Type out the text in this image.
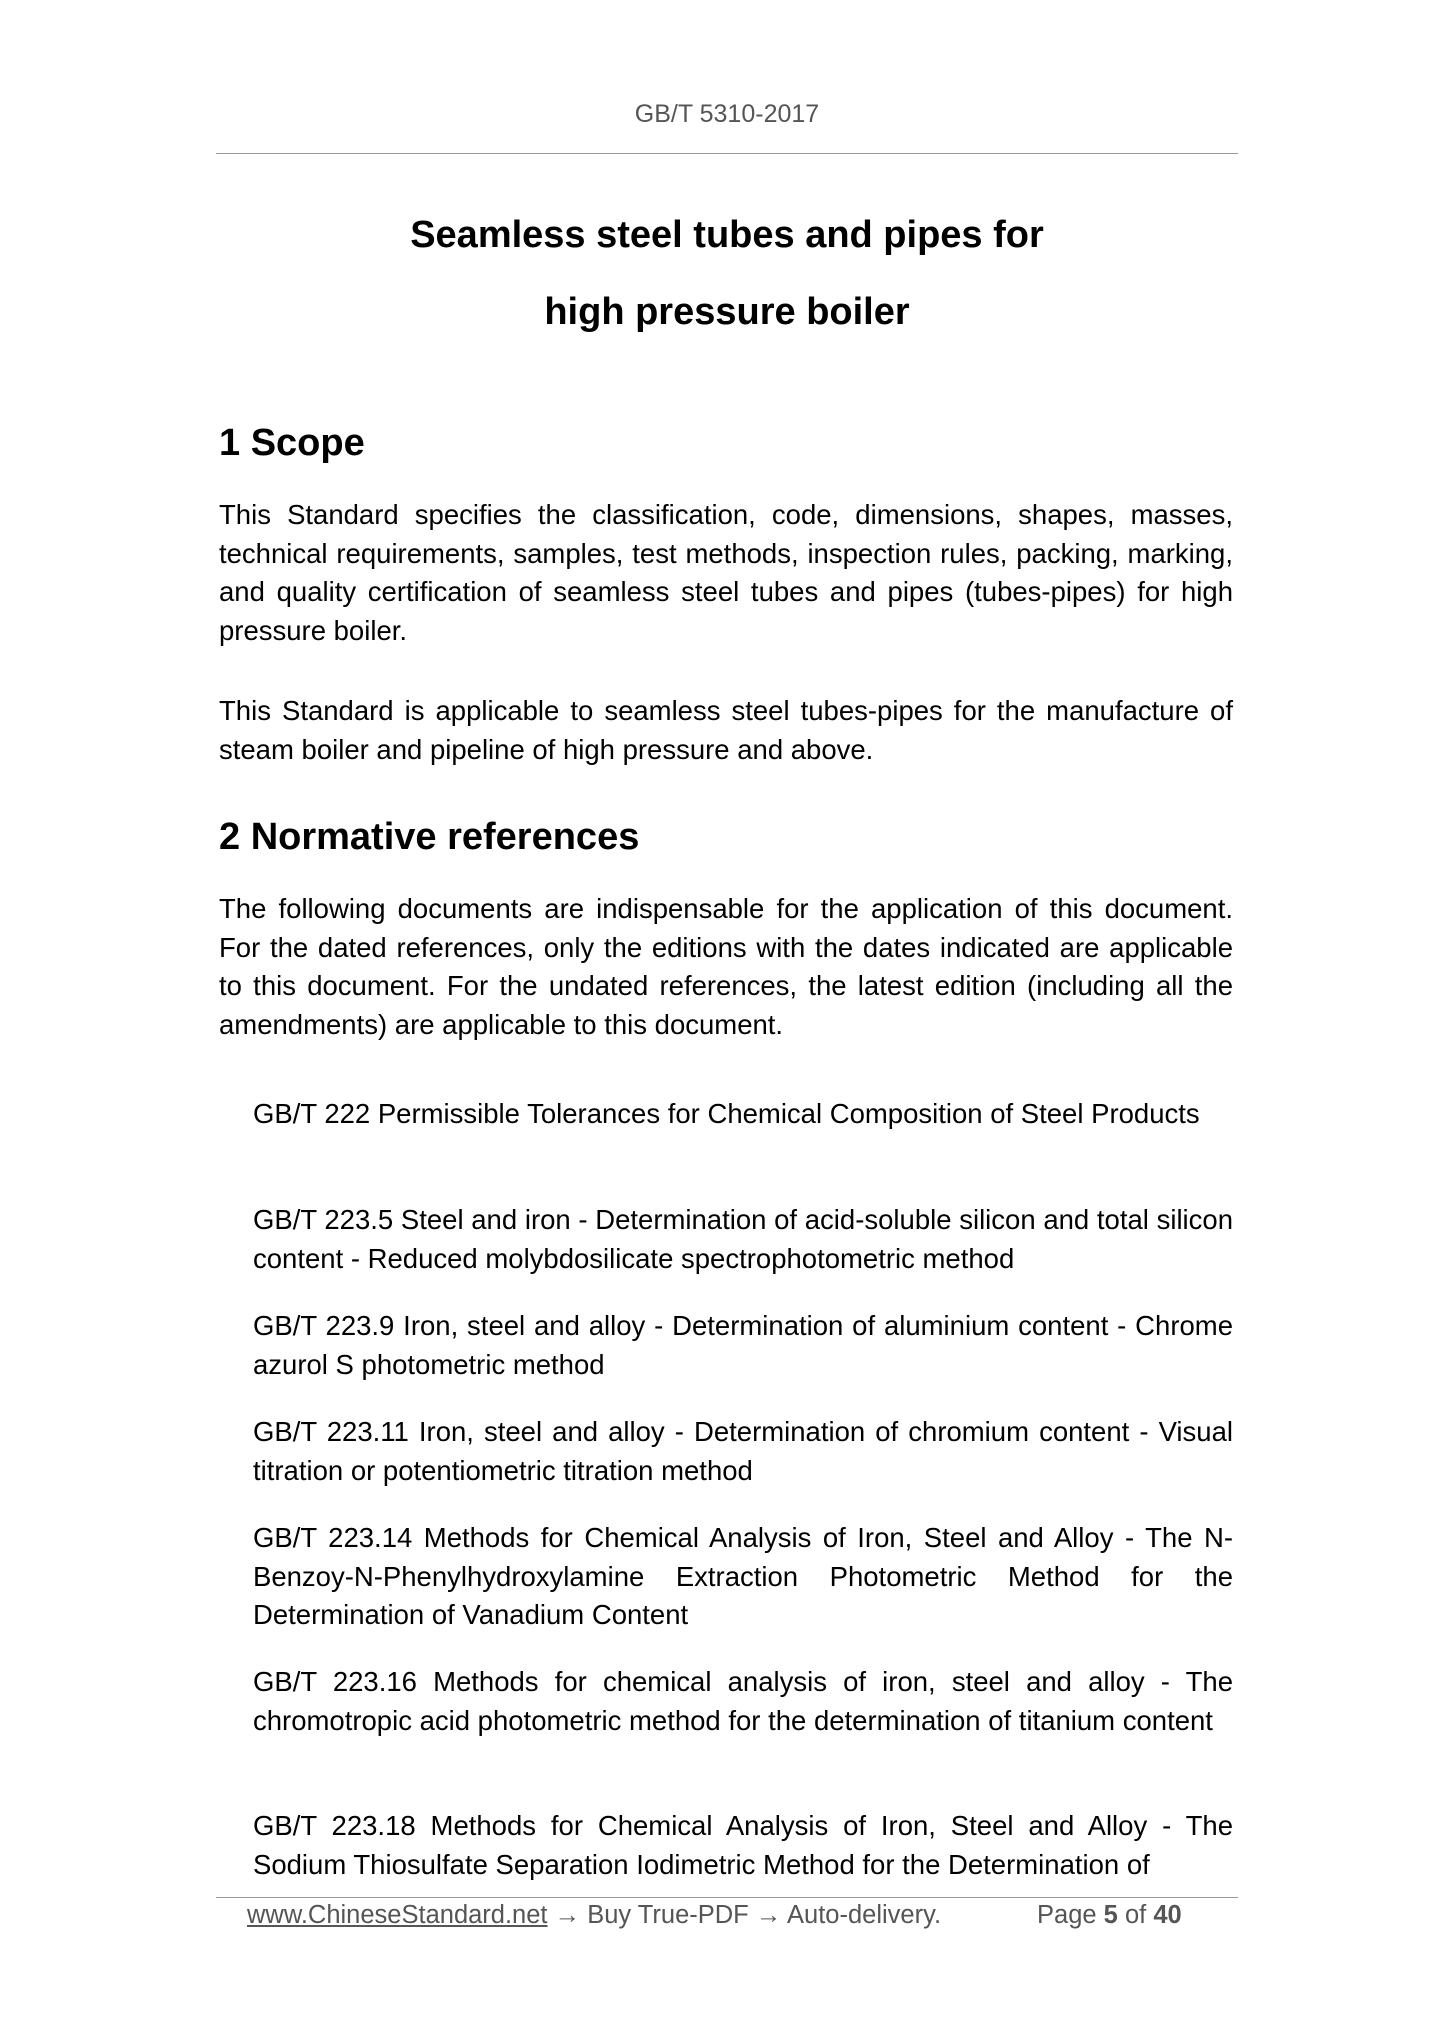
GB/T 5310-2017
Seamless steel tubes and pipes for
high pressure boiler
1 Scope
This Standard specifies the classification, code, dimensions, shapes, masses, technical requirements, samples, test methods, inspection rules, packing, marking, and quality certification of seamless steel tubes and pipes (tubes-pipes) for high pressure boiler.
This Standard is applicable to seamless steel tubes-pipes for the manufacture of steam boiler and pipeline of high pressure and above.
2 Normative references
The following documents are indispensable for the application of this document. For the dated references, only the editions with the dates indicated are applicable to this document. For the undated references, the latest edition (including all the amendments) are applicable to this document.
GB/T 222 Permissible Tolerances for Chemical Composition of Steel Products
GB/T 223.5 Steel and iron - Determination of acid-soluble silicon and total silicon content - Reduced molybdosilicate spectrophotometric method
GB/T 223.9 Iron, steel and alloy - Determination of aluminium content - Chrome azurol S photometric method
GB/T 223.11 Iron, steel and alloy - Determination of chromium content - Visual titration or potentiometric titration method
GB/T 223.14 Methods for Chemical Analysis of Iron, Steel and Alloy - The N-Benzoy-N-Phenylhydroxylamine Extraction Photometric Method for the Determination of Vanadium Content
GB/T 223.16 Methods for chemical analysis of iron, steel and alloy - The chromotropic acid photometric method for the determination of titanium content
GB/T 223.18 Methods for Chemical Analysis of Iron, Steel and Alloy - The Sodium Thiosulfate Separation Iodimetric Method for the Determination of
www.ChineseStandard.net → Buy True-PDF → Auto-delivery.	Page 5 of 40
